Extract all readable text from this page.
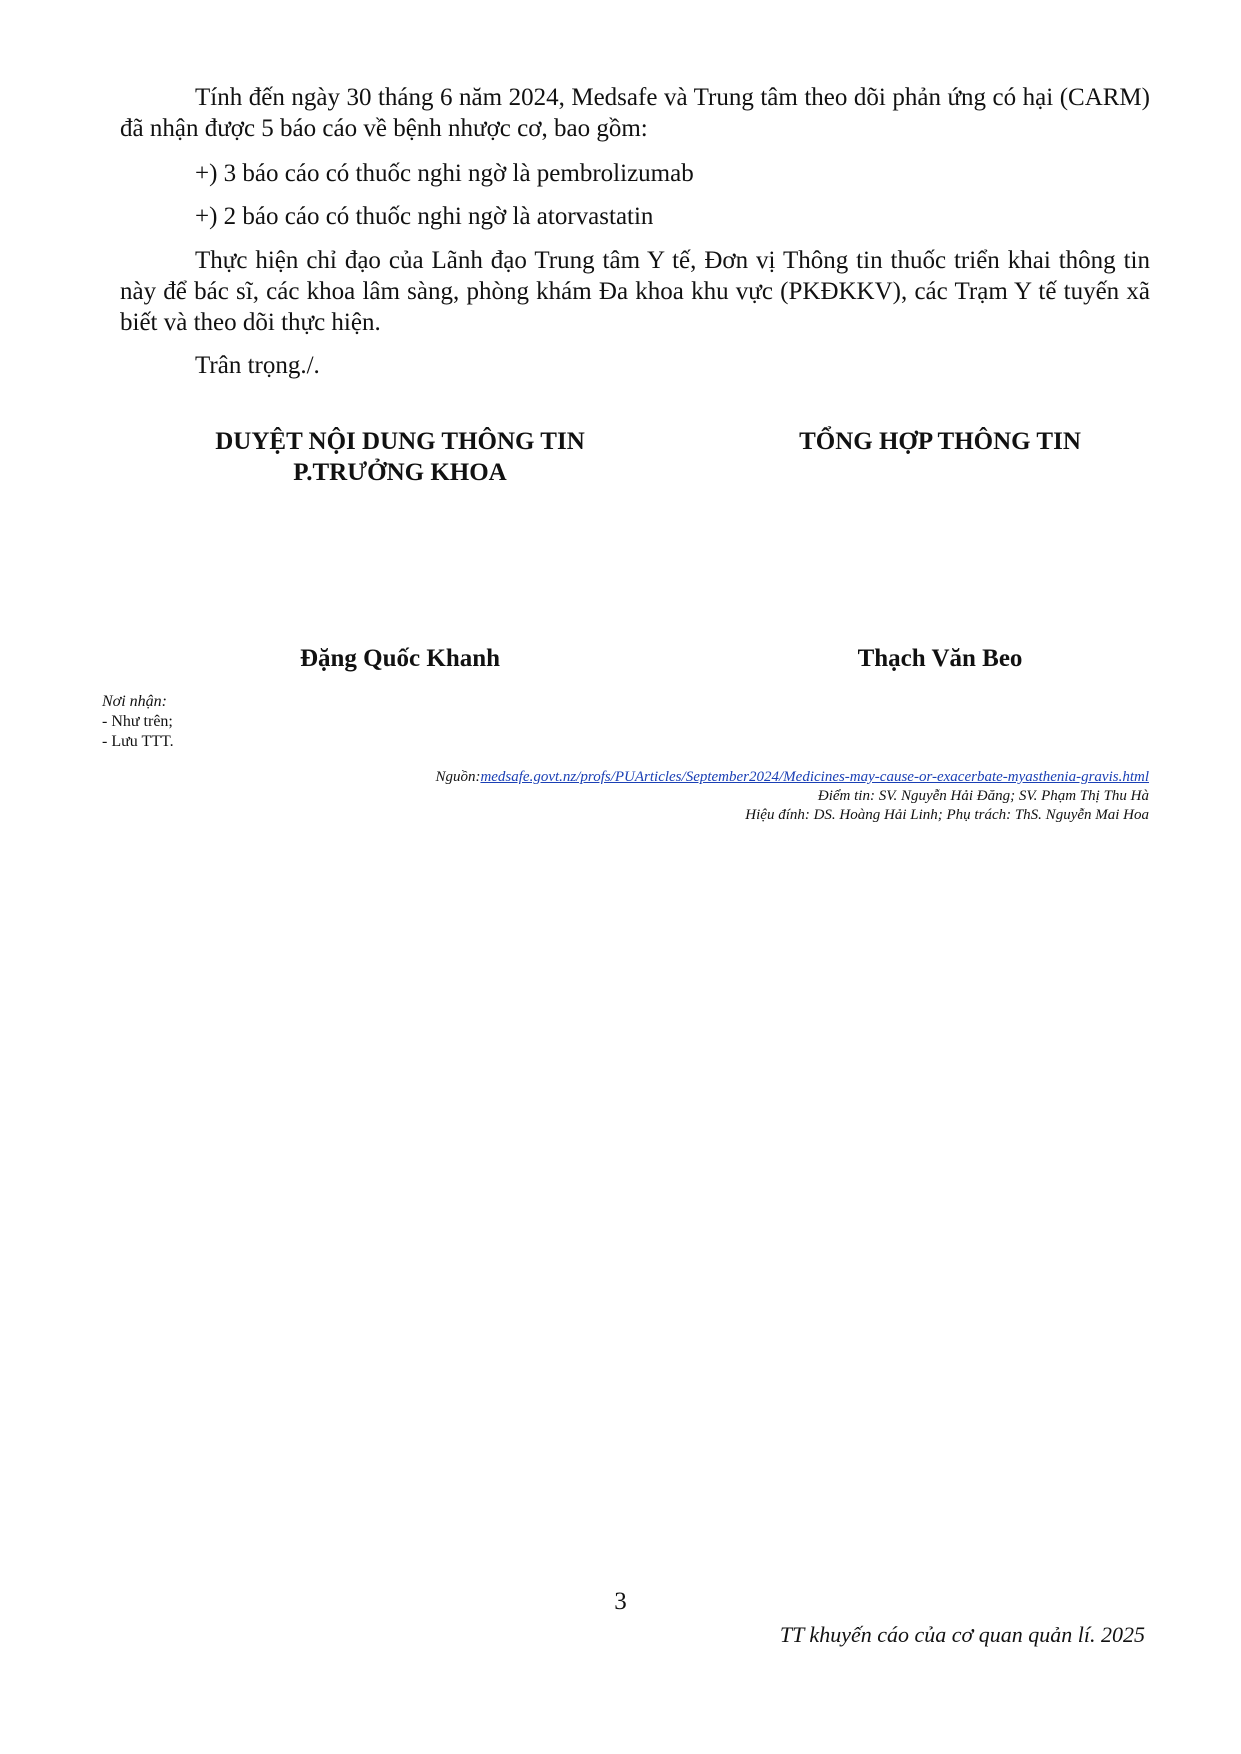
Tính đến ngày 30 tháng 6 năm 2024, Medsafe và Trung tâm theo dõi phản ứng có hại (CARM) đã nhận được 5 báo cáo về bệnh nhược cơ, bao gồm:

+) 3 báo cáo có thuốc nghi ngờ là pembrolizumab

+) 2 báo cáo có thuốc nghi ngờ là atorvastatin

Thực hiện chỉ đạo của Lãnh đạo Trung tâm Y tế, Đơn vị Thông tin thuốc triển khai thông tin này để bác sĩ, các khoa lâm sàng, phòng khám Đa khoa khu vực (PKĐKKV), các Trạm Y tế tuyến xã biết và theo dõi thực hiện.

Trân trọng./.

DUYỆT NỘI DUNG THÔNG TIN

P.TRƯỞNG KHOA

Đặng Quốc Khanh

TỔNG HỢP THÔNG TIN

Thạch Văn Beo

Nơi nhận:
- Như trên;
- Lưu TTT.
Nguồn:medsafe.govt.nz/profs/PUArticles/September2024/Medicines-may-cause-or-exacerbate-myasthenia-gravis.html
Điểm tin: SV. Nguyễn Hải Đăng; SV. Phạm Thị Thu Hà
Hiệu đính: DS. Hoàng Hải Linh; Phụ trách: ThS. Nguyễn Mai Hoa
3
TT khuyến cáo của cơ quan quản lí. 2025
